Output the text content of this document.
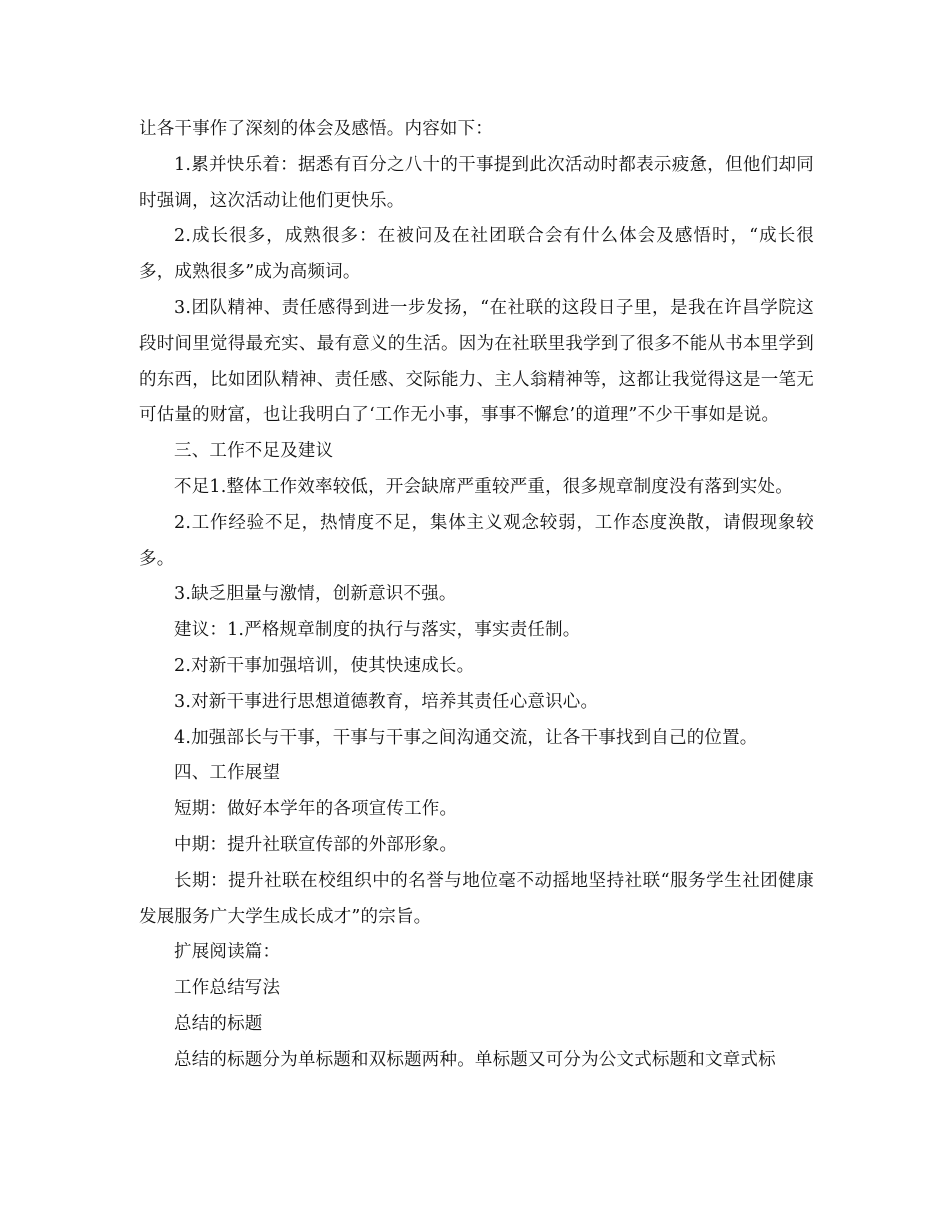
让各干事作了深刻的体会及感悟。内容如下：

1.累并快乐着：据悉有百分之八十的干事提到此次活动时都表示疲惫，但他们却同时强调，这次活动让他们更快乐。

2.成长很多，成熟很多：在被问及在社团联合会有什么体会及感悟时，“成长很多，成熟很多”成为高频词。

3.团队精神、责任感得到进一步发扬，“在社联的这段日子里，是我在许昌学院这段时间里觉得最充实、最有意义的生活。因为在社联里我学到了很多不能从书本里学到的东西，比如团队精神、责任感、交际能力、主人翁精神等，这都让我觉得这是一笔无可估量的财富，也让我明白了‘工作无小事，事事不懈怠’的道理”不少干事如是说。

三、工作不足及建议

不足1.整体工作效率较低，开会缺席严重较严重，很多规章制度没有落到实处。

2.工作经验不足，热情度不足，集体主义观念较弱，工作态度涣散，请假现象较多。

3.缺乏胆量与激情，创新意识不强。

建议：1.严格规章制度的执行与落实，事实责任制。

2.对新干事加强培训，使其快速成长。

3.对新干事进行思想道德教育，培养其责任心意识心。

4.加强部长与干事，干事与干事之间沟通交流，让各干事找到自己的位置。

四、工作展望

短期：做好本学年的各项宣传工作。

中期：提升社联宣传部的外部形象。

长期：提升社联在校组织中的名誉与地位毫不动摇地坚持社联“服务学生社团健康发展服务广大学生成长成才”的宗旨。

扩展阅读篇：

工作总结写法

总结的标题

总结的标题分为单标题和双标题两种。单标题又可分为公文式标题和文章式标
